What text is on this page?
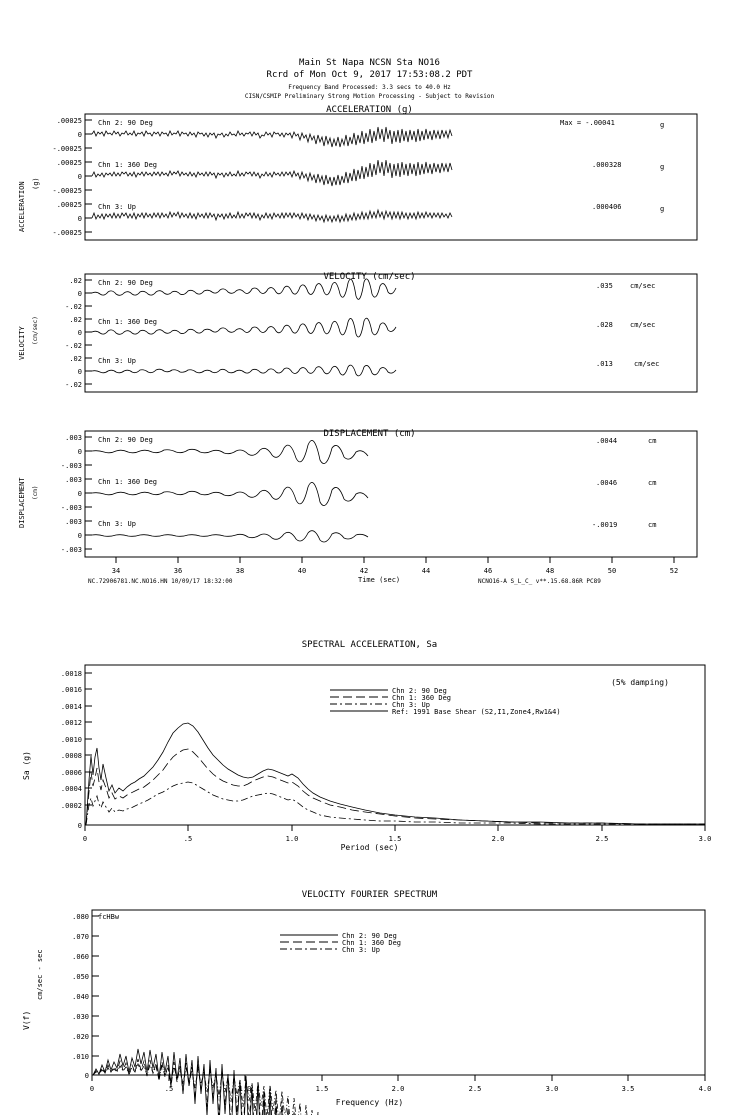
Main St Napa NCSN Sta NO16
Rcrd of Mon Oct 9, 2017 17:53:08.2 PDT
Frequency Band Processed: 3.3 secs to 40.0 Hz
CISN/CSMIP Preliminary Strong Motion Processing - Subject to Revision
ACCELERATION (g)
ACCELERATION (g)
.00025
0
-.00025
.00025
0
-.00025
.00025
0
-.00025
Chn 2: 90 Deg
Chn 1: 360 Deg
Chn 3: Up
Max = -.00041	g
.000328	g
.000406	g
VELOCITY (cm/sec)
VELOCITY (cm/sec)
.02
0
-.02
.02
0
-.02
.02
0
-.02
Chn 2: 90 Deg
Chn 1: 360 Deg
Chn 3: Up
.035 cm/sec
.028 cm/sec
.013	cm/sec
DISPLACEMENT (cm)
DISPLACEMENT (cm)
.003
0
-.003
.003
0
-.003
.003
0
-.003
Chn 2: 90 Deg
Chn 1: 360 Deg
Chn 3: Up
.0044	cm
.0046	cm
-.0019	cm
34	36	38	40	42	44	46	48	50	52
NC.72906781.NC.NO16.HN 10/09/17 18:32:00	Time (sec)	NCNO16-A S_L_C_ v**.15.68.86R PC89
SPECTRAL ACCELERATION, Sa
Sa (g)
.0018
.0016
.0014
.0012
.0010
.0008
.0006
.0004
.0002
0
0	.5	1.0	1.5	2.0	2.5	3.0
(5% damping)
Chn 2: 90 Deg
Chn 1: 360 Deg
Chn 3: Up
Ref: 1991 Base Shear (S2,I1,Zone4,Rw1&4)
Period (sec)
VELOCITY FOURIER SPECTRUM
V(f)
cm/sec - sec
.080
.070
.060
.050
.040
.030
.020
.010
0
0	.5	1.0	1.5	2.0	2.5	3.0	3.5	4.0
fcHBw
Chn 2: 90 Deg
Chn 1: 360 Deg
Chn 3: Up
Frequency (Hz)
